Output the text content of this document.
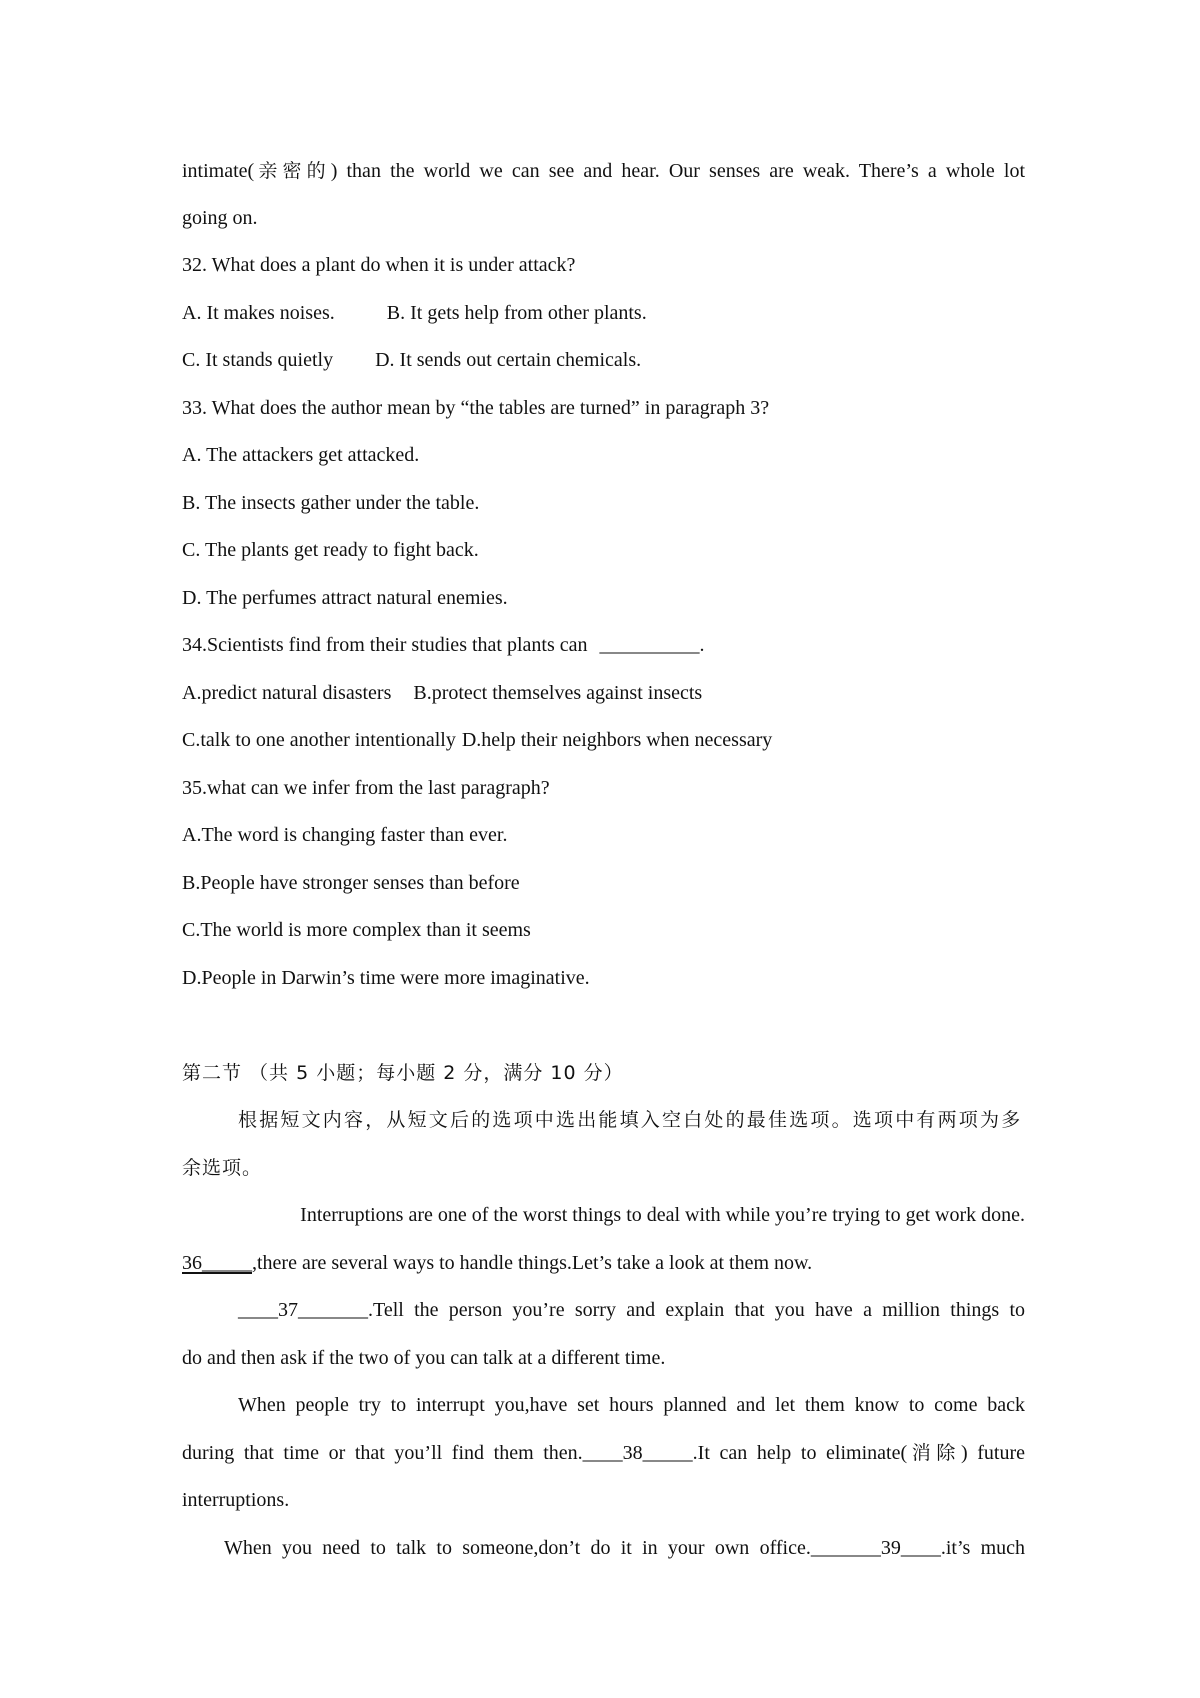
intimate(亲密的) than the world we can see and hear. Our senses are weak. There’s a whole lot
going on.
32. What does a plant do when it is under attack?
A. It makes noises.	B. It gets help from other plants.
C. It stands quietly D. It sends out certain chemicals.
33. What does the author mean by “the tables are turned” in paragraph 3?
A. The attackers get attacked.
B. The insects gather under the table.
C. The plants get ready to fight back.
D. The perfumes attract natural enemies.
34.Scientists find from their studies that plants can __________.
A.predict natural disasters B.protect themselves against insects
C.talk to one another intentionally D.help their neighbors when necessary
35.what can we infer from the last paragraph?
A.The word is changing faster than ever.
B.People have stronger senses than before
C.The world is more complex than it seems
D.People in Darwin’s time were more imaginative.
第二节 （共 5 小题；每小题 2 分，满分 10 分）
根据短文内容，从短文后的选项中选出能填入空白处的最佳选项。选项中有两项为多
余选项。
Interruptions are one of the worst things to deal with while you’re trying to get work done.
36_____,there are several ways to handle things.Let’s take a look at them now.
____37_______.Tell the person you’re sorry and explain that you have a million things to
do and then ask if the two of you can talk at a different time.
When people try to interrupt you,have set hours planned and let them know to come back
during that time or that you’ll find them then.____38_____.It can help to eliminate(消除) future
interruptions.
When you need to talk to someone,don’t do it in your own office._______39____.it’s much
